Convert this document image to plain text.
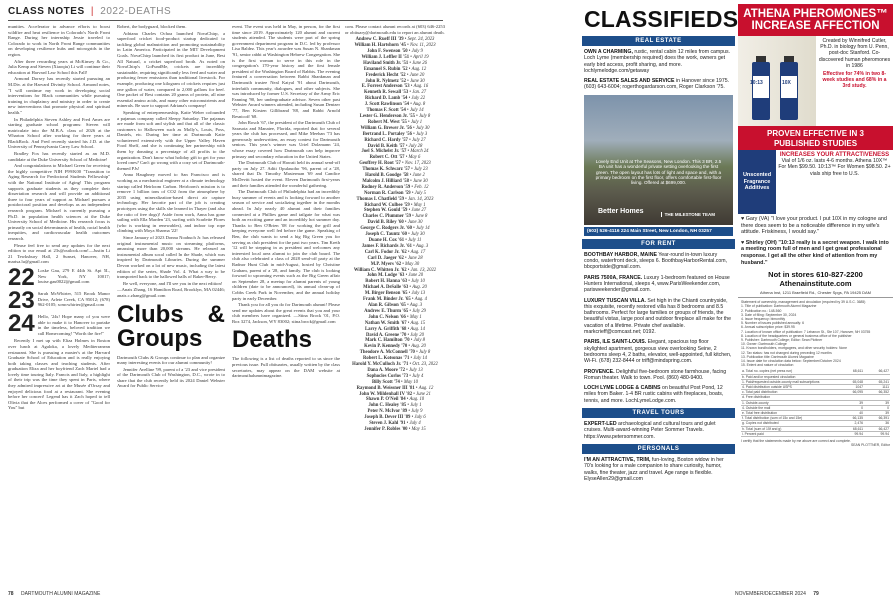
CLASS NOTES | 2022-DEATHS

munities. Accelerator to advance efforts to boost wildfire and heat resilience in Colorado's North Front Range. During her internship Jessie traveled to Colorado to work in North Front Range communities on developing resilience hubs and microgrids in the region.

After three rewarding years at McKinsey & Co., Julia Kemp and Steven (Xiaoqiu) Li will continue their education at Harvard Law School this Fall!

Armond Dorsey has recently started pursuing an M.Div. at the Harvard Divinity School. Armond notes, "I will continue my work in developing social interventions for Black communities while pursuing training in chaplaincy and ministry in order to create new interventions that promote physical and spiritual health."

In Philadelphia Steven Ashley and Fred Ames are starting graduate school programs: Steven will matriculate into the M.B.A. class of 2026 at the Wharton School after working for three years at BlackRock. And Fred recently started his J.D. at the University of Pennsylvania Carey Law School.

Bradley Fox has recently started as an M.D. candidate at the Duke University School of Medicine!

And congratulations to Michael Green for receiving the highly competitive NIH F99/K00 "Transition to Aging Research for Predoctoral Students Fellowship" with the National Institute of Aging! This program supports graduate students as they complete their dissertation research and will provide an additional three to four years of support as Michael pursues a postdoctoral position and develops as an independent research program. Michael is currently pursuing a Ph.D. in population health sciences at the Duke University School of Medicine. His research focus is primarily on social determinants of health, racial health inequities, and cardiovascular health outcomes research.

Please feel free to send any updates for the next edition to our email at 23s@outlook.com!—Justin Li 21 Tewksbury Hall, 2 Sunset, Hanover, NH, marisa.lu@gmail.com

22 Loske Gau, 279 E 44th St. Apt 5L, New York, NY 10017; louise.gau0022@gmail.com
23 Sarah McWhirter, 515 Brook Manor Drive, Arlete Creek, CA 95012; (678) 962-0105; scmcwhirter@gmail.com
24 Hello, '24s! Hope many of you were able to make it to Hanover to partake in the timeless, beloved tradition we call Homecoming! "Worth the fire!"

Recently I met up with Eliza Holmes in Boston over lunch at Agaloka, a lovely Mediterranean restaurant. She is pursuing a master's at the Harvard Graduate School of Education and is really enjoying both taking classes and teaching students. After graduation Eliza and her boyfriend Zach Martel had a lovely time touring Italy. Francis and Italy, a highlight of their trip was the time they spent in Paris, where they admired impressive art at the Musée d'Orsay and enjoyed delicious food at a restaurant. She evening before her concert! Legend has it Zach hoped to tell Olivia that the Alces performed a cover of "Good for You" but

Robert, the bodyguard, blocked them.

Adriana Charles Ochoa launched NovaChirp, a superfood cricket food-product startup dedicated to tackling global malnutrition and promoting sustainability in Latin America. Participated in the MIT Development Goals. NovaChirp launched its first product in June, Best All Natural, a cricket superfood broth. As noted on NovaChirp's GoFundMe, crickets are incredibly sustainable, requiring significantly less feed and water and producing fewer emissions than traditional livestock. For example, producing one kilogram of crickets requires just one gallon of water, compared to 2,000 gallons for beef. One packet of Best contains 20 grams of protein, all nine essential amino acids, and many other micronutrients and minerals. Be sure to support Adriana's company!

Speaking of entrepreneurship, Katie Weber cofounded a pajamas company called Sleepy Saturday. The pajamas are made from soft and stylish and that all of the classic customers to Halloween such as Molly's, Louis, Poss, Daniels, etc. During her time at Dartmouth Katie volunteered extensively with the Upper Valley Haven Food Shelf, and she is continuing her partnership with them by donating a percentage of all profits to the organization. Don't know what holiday gift to get for your loved ones? Can't go wrong with a cozy set of Dartmouth-themed PJs!

Anna Haughney moved to San Francisco and is working as a mechanical engineer at a climate technology startup called Heirloom Carbon. Heirloom's mission is to remove 1 billion tons of CO2 from the atmosphere by 2035 using mineralization-based direct air capture technology. Her favorite part of the job is creating prototypes using the skills she learned in Thayer (and also the ratio of free dogs)! Aside from work, Anna has gone sailing with Ella Marden '23, surfing with Scarlette Flores (who is working in renewables), and indoor top rope climbing with Moya Sharma '22!

Since January of 2023 Donna Noabuch Jr. has released original instrumental music on streaming platforms, amassing more than 20,000 streams. He released an instrumental album socal called In the Shade, which was inspired by Dartmouth Libraries. During the summer Devon worked on a lot of new music, including the latest edition of the series, Shade Vol. 4. What a way to be transported back to the hallowed halls of Baker-Berry.

Be well, everyone, and I'll see you in the next edition!

—Anais Zhang, 16 Hamilton Road, Brooklyn, MA 02446; anais.c.zhang@gmail.com

Clubs & Groups

Dartmouth Clubs & Groups continue to plan and organize many interesting events for our alumni community!

Jennifer Avelline '99, parent of a '23 and vice president of the Dartmouth Club of Washington, D.C., wrote in to share that the club recently held its 2024 Daniel Webster Award for Public Service

event. The event was held in May, in person, for the first time since 2019. Approximately 120 alumni and current students attended. The students were part of the spring government department program in D.C. led by professor Lisa Baldez. This year's awardee was Susan N. Shankman '91, senior rabbi at Washington Hebrew Congregation. She is the first woman to serve in this role in the congregation's 170-year history and the first female president of the Washington Board of Rabbis. The evening featured a conversation between Rabbi Shankman and Dartmouth trustee Neal Katyal '91 about Dartmouth, interfaith community, dialogues, and other subjects. She was introduced by former U.S. Secretary of the Army Eric Fanning '90, her undergraduate advisor. Seven other past Webster Award winners attended, including Susan Dentzer '77, Ben Kirsten Gillibrand '88, and Rabbi Arnold Resnicoff '68.

John Rosch '67, the president of the Dartmouth Club of Sarasota and Manatee, Florida, reported that for several years the club has processed, and Mike Meehan '73 has generously underwritten, an essay contest for Dartmouth seniors. This year's winner was Uriel Dolzmann '24, whose essay covered how Dartmouth can help improve primary and secondary education in the United States.

The Dartmouth Club of Hawaii held its annual send-off party on July 27. Aditi Opulauoho '96, parent of a '28, shared that Dr. Timothy Masterman '69 and Candice McDevitt hosted the event. Eleven Dartmouth first-years and their families attended the wonderful gathering.

The Dartmouth Club of Philadelphia had an incredibly busy summer of events and is looking forward to another season of service and socializing together in the months ahead. In July nearly 40 alumni and their families connected at a Phillies game and tailgate for what was both an exciting game and an incredibly hot summer day. Thanks to Ben O'Brien '08 for working the grill and keeping everyone well fed before the game. Speaking of Ben, the club wants to send a big Big Green you for serving as club president for the past two years. Tim Kreth '12 will be stepping in as president and welcomes any interested local area alumni to join the club board. The club also celebrated a class of 2028 send-off party at the Radnor Hunt Club in mid-August, hosted by Christine Graham, parent of a '28, and family. The club is looking forward to upcoming events such as the Big Green affair on September 28, a meetup for alumni parents of young children (date to be announced), its annual clean-up of Cobbs Creek Park in November, and the annual holiday party in early December.

Thank you for all you do for Dartmouth alumni! Please send me updates about the great events that you and your club members have organized. —Stina Brock '01, P.O. Box 3274, Jackson, WY 83002; stina.brock@gmail.com

Deaths

The following is a list of deaths reported to us since the previous issue. Full obituaries, usually written by the class secretaries, may appear on the DAM website at dartmouthalumnimagazine.

com. Please contact alumni records at (603) 646-2253 or obituary@dartmouth.edu to report an alumni death.

Andrew C. Rueff III '39 • Sept. 24, 2023
William H. Hartshorn '45 • Nov. 11, 2023
John F. Swenson '50 • July 9
William J. Leffler II '51 • April 19
Haviland Smith Jr. '51 • June 26
Emanuel S. Rubin '52 • Aug. 12
Frederick Hecht '52 • June 20
John R. Nylmetz '52 • June 30
E. Forrest Anderson '53 • Aug. 16
Kenneth R. Sewall '53 • Jan. 27
Richard D. Lamb '54 • July 22
J. Scott Rawlinson '54 • Aug. 8
Thomas F. Scott '54 • July 14
Lester G. Henderson Jr. '55 • July 8
Robert M. West '55 • July 1
William G. Brewer Jr. '56 • July 30
Bertrand L. Portaley '56 • July 3
Richard C. Hardy '57 • July 27
David B. Keith '57 • July 28
Joel S. Michelst Jr. '57 • March 24
Robert C. Ott '57 • May 6
Geoffrey H. Root '57 • Nov. 17, 2023
Thomas K. Schwarz '57 • July 23
Harold B. Goodge '58 • June 2
Malcolm J. Hilliard '58 • June 30
Rodney R. Anderson '59 • Feb. 12
Norman R. Carlson '59 • July 5
Thomas I. Chatfield '59 • Jan. 14, 2023
Richard W. Culbee '59 • May 1
Stephen W. Gould '59 • June 27
Charles C. Plummer '59 • June 8
David B. Riley '60 • June 30
George C. Rodgers Jr. '60 • July 14
Joseph C. Tauntz '60 • July 30
Duane H. Cox '61 • July 11
James F. Richards Jr. '61 • Aug. 3
Carl K. Fodor Jr. '62 • Aug. 17
Carl D. Jaeger '62 • June 28
M.P. Myers '62 • May 30
William C. Whitten Jr. '62 • Jan. 13, 2022
John M. Lodge '63 • June 20
Robert H. Hanna '63 • July 10
Michael A. DeSalle '63 • Aug. 20
M. Birger Benson '65 • July 13
Frank M. Binder Jr. '65 • Aug. 4
Alan R. Gibson '65 • Aug. 3
Andrew E. Thurm '65 • July 29
John C. Nelson '66 • May 1
Nathan W. Smith '67 • Aug. 15
Larry A. Griffith '68 • Aug. 14
David A. Greene '70 • July 20
Mark C. Hamilton '70 • July 8
Kevin P. Kennedy '70 • Aug. 20
Theodore A. McConnell '70 • July 8
Robert L. Kotsonas '71 • July 14
Harold Y. McCulloch Jr. '71 • Oct. 23, 2022
Dana A. Moore '72 • July 13
Sophocles Corlos '73 • July 4
Billy Scott '74 • May 10
Raymond B. Weissner III '81 • Aug. 12
John W. Mildenhall IV '82 • June 21
Shawn P. O'Neil '84 • Aug. 10
John C. Healey '85 • July 1
Peter N. McIvor '89 • July 9
Joseph B. Dever III '89 • July 6
Steven J. Kahl '91 • July 4
Jennifer P. Robles '00 • May 15
78 DARTMOUTH ALUMNI MAGAZINE	NOVEMBER/DECEMBER 2024 79
CLASSIFIEDS
REAL ESTATE
OWN A CHARMING, rustic, rental cabin 12 miles from campus. Loch Lyme (membership required) does the work, owners get early bird access, profit sharing, and more. lochlymelodge.com/getaway
REAL ESTATE SALES AND SERVICE in Hanover since 1975. (603) 643-6004; rogerthogardarson.com, Roger Clarkson '75.
Lovely End Unit at The Seasons, New London. This 3 BR, 2.5 BA unit has a wonderful private setting overlooking the first green. The open layout has lots of light and space and, with a primary bedroom on the first floor, offers comfortable first-floor living. Offered at $699,000.
Better Homes	THE MILESTONE TEAM
(603) 526-4116 224 Main Street, New London, NH 03257
FOR RENT
BOOTHBAY HARBOR, MAINE Year-round in-town luxury condo, waterfront deck, sleeps 6. BoothbayHarborRental.com, bbcportside@gmail.com.
PARIS 7500A, FRANCE. Luxury 1-bedroom featured on House Hunters International, sleeps 4, www.ParisWeekender.com, parisweekender@gmail.com.
LUXURY TUSCAN VILLA. Set high in the Chianti countryside, this exquisite, recently restored villa has 8 bedrooms and 8.5 bathrooms. Perfect for large families or groups of friends, the beautiful vistas, large pool and outdoor fireplace all make for the vacation of a lifetime. Private chef available. markcrieff@comcast.net; 0192.
PARIS, ILE SAINT-LOUIS. Elegant, spacious top floor skylighted apartment, gorgeous view overlooking Seine, 2 bedrooms sleep 4, 2 baths, elevator, well-appointed, full kitchen, Wi-Fi. (678) 232-8444 or triff@mindspring.com.
PROVENCE. Delightful five-bedroom stone farmhouse, facing Roman theater. Walk to town. Pool. (860) 480-9400.
LOCH LYME LODGE & CABINS on beautiful Post Pond, 12 miles from Baker. 1-4 BR rustic cabins with fireplaces, boats, tennis, and more. LochLymeLodge.com.
TRAVEL TOURS
EXPERT-LED archaeological and cultural tours and gulet cruises. Multi-award-winning Peter Sommer Travels. https://www.petersommer.com.
PERSONALS
I'M AN ATTRACTIVE, TRIM, fun-loving, Boston widow in her 70's looking for a male companion to share curiosity, humor, walks, fine theater, jazz and travel. Age range is flexible. ElyseAllen29@gmail.com
ATHENA PHEROMONES™ INCREASE AFFECTION
10:13	10X
Created by Winnifred Cutler, Ph.D. in biology from U. Penn, post-doc Stanford. Co-discovered human pheromones in 1986
Effective for 74% in two 8-week studies and 68% in a 3rd study.
PROVEN EFFECTIVE IN 3
PUBLISHED STUDIES
Unscented Fragrance Additives
INCREASES YOUR ATTRACTIVENESS
Vial of 1/6 oz. lasts 4-6 months. Athena 10X™ For Men $99.50. 10:13™ For Women $98.50. 2+ vials ship free to U.S.
♥ Gary (VA) "I love your product. I put 10X in my cologne and there does seem to be a noticeable difference in my wife's attitude. Friskiness, I would say."
♥ Shirley (OH) "10:13 really is a secret weapon. I walk into a meeting room full of men and I get great professional response. I get all the other kind of attention from my husband."
Not in stores 610-827-2200 Athenainstitute.com
Athena Inst, 1211 Braefield Rd., Chester Spgs, PA 19425 DAM
Statement of ownership, management and circulation (required by 39 U.S.C. 3685)
1. Title of publication: Dartmouth Alumni Magazine
2. Publication no.: 148-560
3. Date of filing: September 30, 2024
4. Issue frequency: bimonthly
5. Number of issues published annually: 6
6. Annual subscription price: $39.95
7. Location of known office of publication: 7 Lebanon St., Ste 107, Hanover, NH 03755
8. Location of the headquarters or general business office of the publisher
9. Publisher: Dartmouth College; Editor: Sean Plottner
10. Owner: Dartmouth College
11. Known bondholders, mortgagees, and other security holders: None
12. Tax status: has not changed during preceding 12 months
13. Publication title: Dartmouth Alumni Magazine
14. Issue date for circulation data below: September/October 2024
15. Extent and nature of circulation
a. Total no. copies (net press run)	68,611	66,427
b. Paid and/or requested circulation		
1. Paid/requested outside-county mail subscriptions	65,048	65,241
4. Paid distribution outside USPS	1047	1111
c. Total paid distribution	66,095	66,352
d. Free distribution		
1. Outside-county	39	39
4. Outside the mail	0	0
e. Total free distribution	40	39
f. Total distribution (sum of 15c and 15e)	66,135	66,391
g. Copies not distributed	2,476	36
h. Total (sum of 15f and g)	68,611	66,427
i. Percent paid	99.94	99.94
I certify that the statements made by me above are correct and complete.
SEAN PLOTTNER, Editor
